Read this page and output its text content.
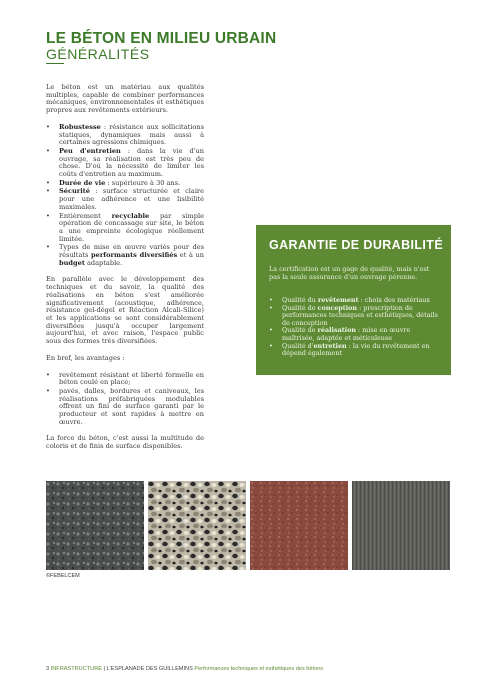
LE BÉTON EN MILIEU URBAIN
GÉNÉRALITÉS

Le béton est un matériau aux qualités multiples, capable de combiner performances mécaniques, environnementales et esthétiques propres aux revêtements extérieurs.

• Robustesse : résistance aux sollicitations statiques, dynamiques mais aussi à certaines agressions chimiques.
• Peu d'entretien : dans la vie d'un ouvrage, sa réalisation est très peu de chose. D'où la nécessité de limiter les coûts d'entretien au maximum.
• Durée de vie : supérieure à 30 ans.
• Sécurité : surface structurée et claire pour une adhérence et une lisibilité maximales.
• Entièrement recyclable par simple opération de concassage sur site, le béton a une empreinte écologique réellement limitée.
• Types de mise en œuvre variés pour des résultats performants diversifiés et à un budget adaptable.

En parallèle avec le développement des techniques et du savoir, la qualité des réalisations en béton s'est améliorée significativement (acoustique, adhérence, résistance gel-dégel et Réaction Alcali-Silice) et les applications se sont considérablement diversifiées jusqu'à occuper largement aujourd'hui, et avec raison, l'espace public sous des formes très diversifiées.

En bref, les avantages :

• revêtement résistant et liberté formelle en béton coulé en place;
• pavés, dalles, bordures et caniveaux, les réalisations préfabriquées modulables offrent un fini de surface garanti par le producteur et sont rapides à mettre en œuvre.

La force du béton, c'est aussi la multitude de coloris et de finis de surface disponibles.

GARANTIE DE DURABILITÉ
La certification est un gage de qualité, mais n'est pas la seule assurance d'un ouvrage pérenne.
• Qualité du revêtement : choix des matériaux
• Qualité de conception : prescription de performances techniques et esthétiques, détails de conception
• Qualité de réalisation : mise en œuvre maîtrisée, adaptée et méticuleuse
• Qualité d'entretien : la vie du revêtement en dépend également
©FEBELCEM
3 INFRASTRUCTURE | L'ESPLANADE DES GUILLEMINS Performances techniques et esthétiques des bétons
